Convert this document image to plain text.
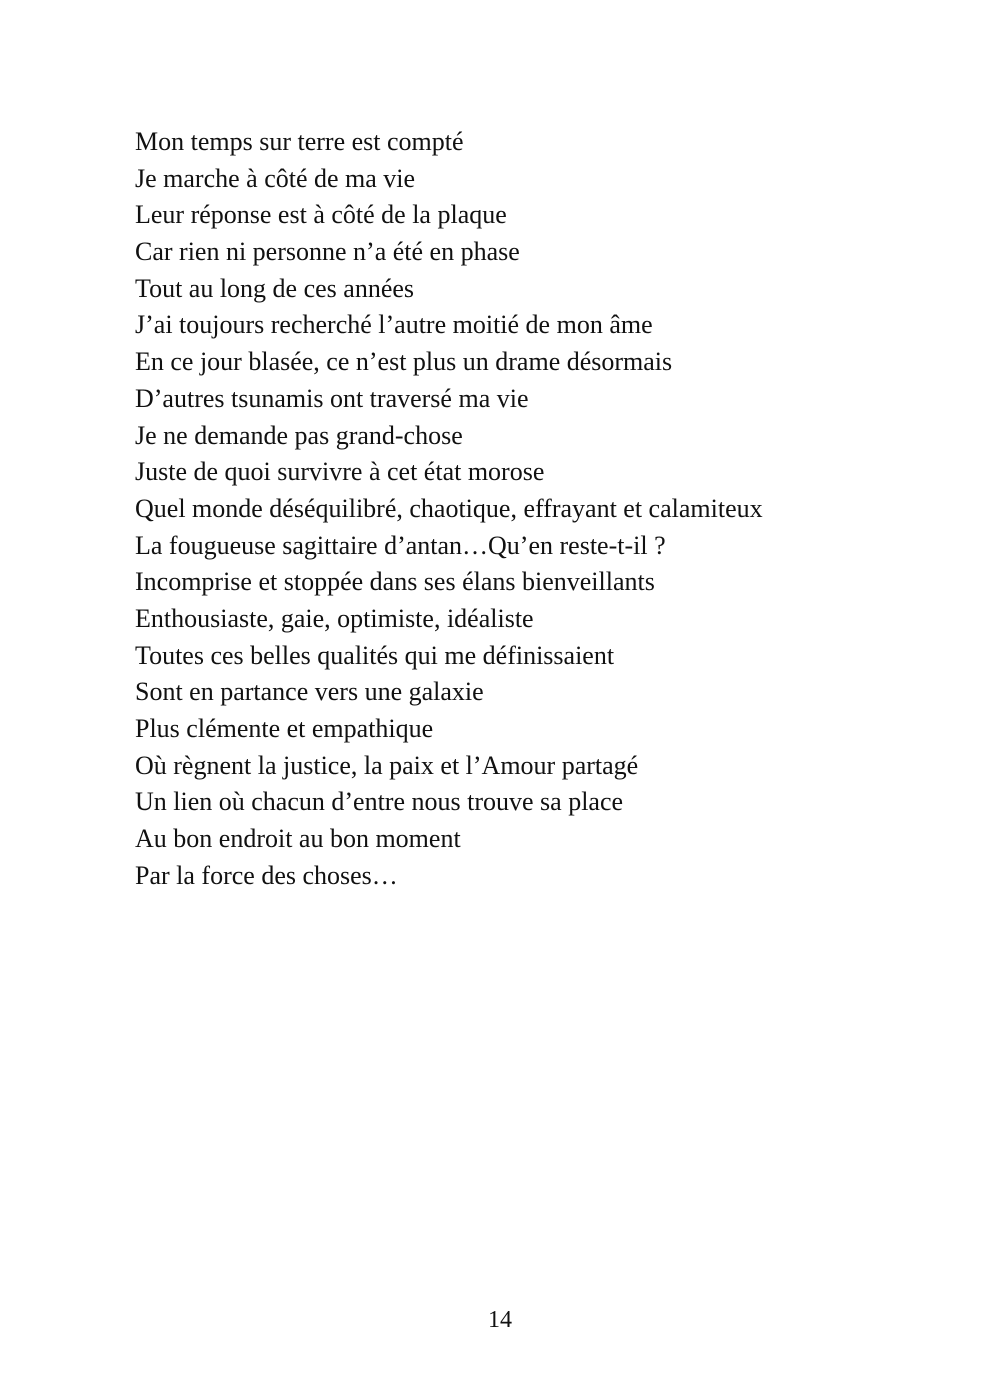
Mon temps sur terre est compté
Je marche à côté de ma vie
Leur réponse est à côté de la plaque
Car rien ni personne n’a été en phase
Tout au long de ces années
J’ai toujours recherché l’autre moitié de mon âme
En ce jour blasée, ce n’est plus un drame désormais
D’autres tsunamis ont traversé ma vie
Je ne demande pas grand-chose
Juste de quoi survivre à cet état morose
Quel monde déséquilibré, chaotique, effrayant et calamiteux
La fougueuse sagittaire d’antan…Qu’en reste-t-il ?
Incomprise et stoppée dans ses élans bienveillants
Enthousiaste, gaie, optimiste, idéaliste
Toutes ces belles qualités qui me définissaient
Sont en partance vers une galaxie
Plus clémente et empathique
Où règnent la justice, la paix et l’Amour partagé
Un lien où chacun d’entre nous trouve sa place
Au bon endroit au bon moment
Par la force des choses…
14
